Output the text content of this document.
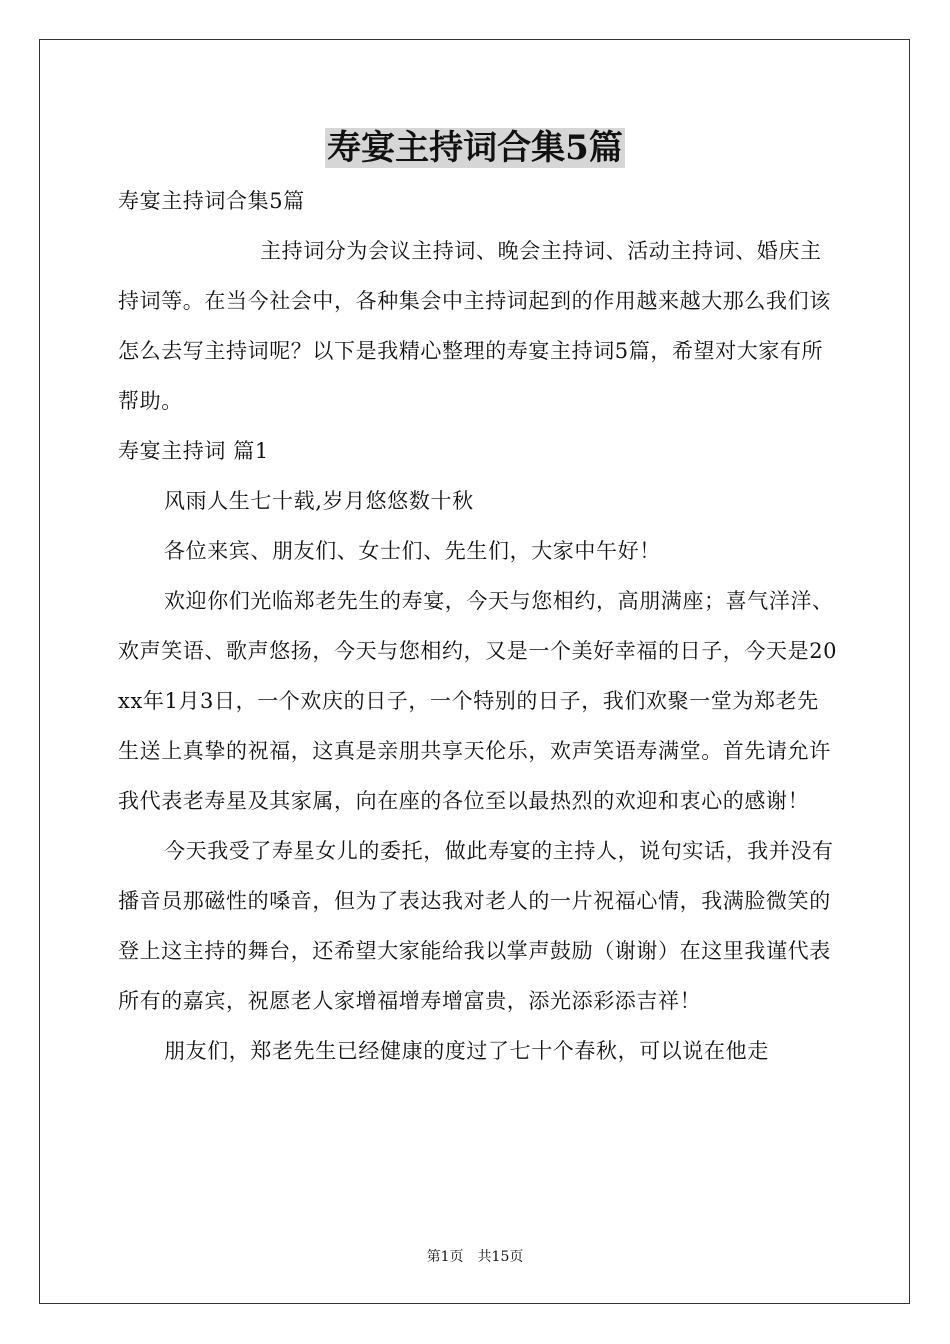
寿宴主持词合集5篇

寿宴主持词合集5篇

主持词分为会议主持词、晚会主持词、活动主持词、婚庆主持词等。在当今社会中，各种集会中主持词起到的作用越来越大那么我们该怎么去写主持词呢？以下是我精心整理的寿宴主持词5篇，希望对大家有所帮助。

寿宴主持词 篇1

风雨人生七十载,岁月悠悠数十秋

各位来宾、朋友们、女士们、先生们，大家中午好！

欢迎你们光临郑老先生的寿宴，今天与您相约，高朋满座；喜气洋洋、欢声笑语、歌声悠扬，今天与您相约，又是一个美好幸福的日子，今天是20xx年1月3日，一个欢庆的日子，一个特别的日子，我们欢聚一堂为郑老先生送上真挚的祝福，这真是亲朋共享天伦乐，欢声笑语寿满堂。首先请允许我代表老寿星及其家属，向在座的各位至以最热烈的欢迎和衷心的感谢！

今天我受了寿星女儿的委托，做此寿宴的主持人，说句实话，我并没有播音员那磁性的嗓音，但为了表达我对老人的一片祝福心情，我满脸微笑的登上这主持的舞台，还希望大家能给我以掌声鼓励（谢谢）在这里我谨代表所有的嘉宾，祝愿老人家增福增寿增富贵，添光添彩添吉祥！

朋友们，郑老先生已经健康的度过了七十个春秋，可以说在他走

第1页　共15页
